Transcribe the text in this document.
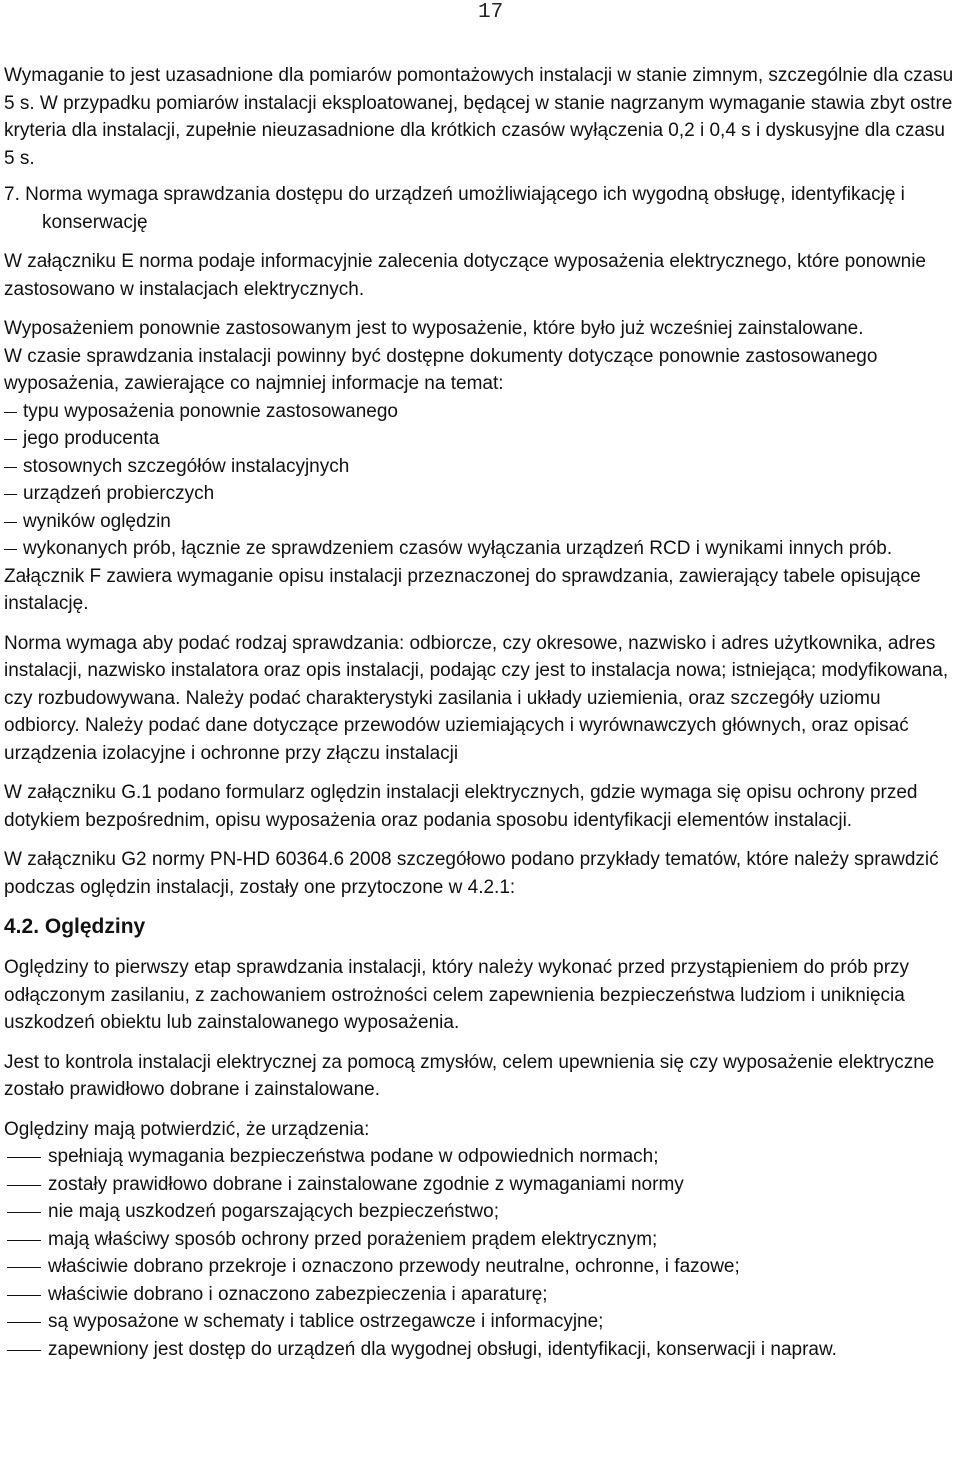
17

Wymaganie to jest uzasadnione dla pomiarów pomontażowych instalacji w stanie zimnym, szczególnie dla czasu 5 s. W przypadku pomiarów instalacji eksploatowanej, będącej w stanie nagrzanym wymaganie stawia zbyt ostre kryteria dla instalacji, zupełnie nieuzasadnione dla krótkich czasów wyłączenia 0,2 i 0,4 s i dyskusyjne dla czasu 5 s.

7. Norma wymaga sprawdzania dostępu do urządzeń umożliwiającego ich wygodną obsługę, identyfikację i konserwację

W załączniku E norma podaje informacyjnie zalecenia dotyczące wyposażenia elektrycznego, które ponownie zastosowano w instalacjach elektrycznych.

Wyposażeniem ponownie zastosowanym jest to wyposażenie, które było już wcześniej zainstalowane.

W czasie sprawdzania instalacji powinny być dostępne dokumenty dotyczące ponownie zastosowanego wyposażenia, zawierające co najmniej informacje na temat:

typu wyposażenia ponownie zastosowanego
jego producenta
stosownych szczegółów instalacyjnych
urządzeń probierczych
wyników oględzin
wykonanych prób, łącznie ze sprawdzeniem czasów wyłączania urządzeń RCD i wynikami innych prób.

Załącznik F zawiera wymaganie opisu instalacji przeznaczonej do sprawdzania, zawierający tabele opisujące instalację.

Norma wymaga aby podać rodzaj sprawdzania: odbiorcze, czy okresowe, nazwisko i adres użytkownika, adres instalacji, nazwisko instalatora oraz opis instalacji, podając czy jest to instalacja nowa; istniejąca; modyfikowana, czy rozbudowywana. Należy podać charakterystyki zasilania i układy uziemienia, oraz szczegóły uziomu odbiorcy. Należy podać dane dotyczące przewodów uziemiających i wyrównawczych głównych, oraz opisać urządzenia izolacyjne i ochronne przy złączu instalacji

W załączniku G.1 podano formularz oględzin instalacji elektrycznych, gdzie wymaga się opisu ochrony przed dotykiem bezpośrednim, opisu wyposażenia oraz podania sposobu identyfikacji elementów instalacji.

W załączniku G2 normy PN-HD 60364.6 2008 szczegółowo podano przykłady tematów, które należy sprawdzić podczas oględzin instalacji, zostały one przytoczone w 4.2.1:

4.2. Oględziny

Oględziny to pierwszy etap sprawdzania instalacji, który należy wykonać przed przystąpieniem do prób przy odłączonym zasilaniu, z zachowaniem ostrożności celem zapewnienia bezpieczeństwa ludziom i uniknięcia uszkodzeń obiektu lub zainstalowanego wyposażenia.

Jest to kontrola instalacji elektrycznej za pomocą zmysłów, celem upewnienia się czy wyposażenie elektryczne zostało prawidłowo dobrane i zainstalowane.

Oględziny mają potwierdzić, że urządzenia:

spełniają wymagania bezpieczeństwa podane w odpowiednich normach;
zostały prawidłowo dobrane i zainstalowane zgodnie z wymaganiami normy
nie mają uszkodzeń pogarszających bezpieczeństwo;
mają właściwy sposób ochrony przed porażeniem prądem elektrycznym;
właściwie dobrano przekroje i oznaczono przewody neutralne, ochronne, i fazowe;
właściwie dobrano i oznaczono zabezpieczenia i aparaturę;
są wyposażone w schematy i tablice ostrzegawcze i informacyjne;
zapewniony jest dostęp do urządzeń dla wygodnej obsługi, identyfikacji, konserwacji i napraw.
